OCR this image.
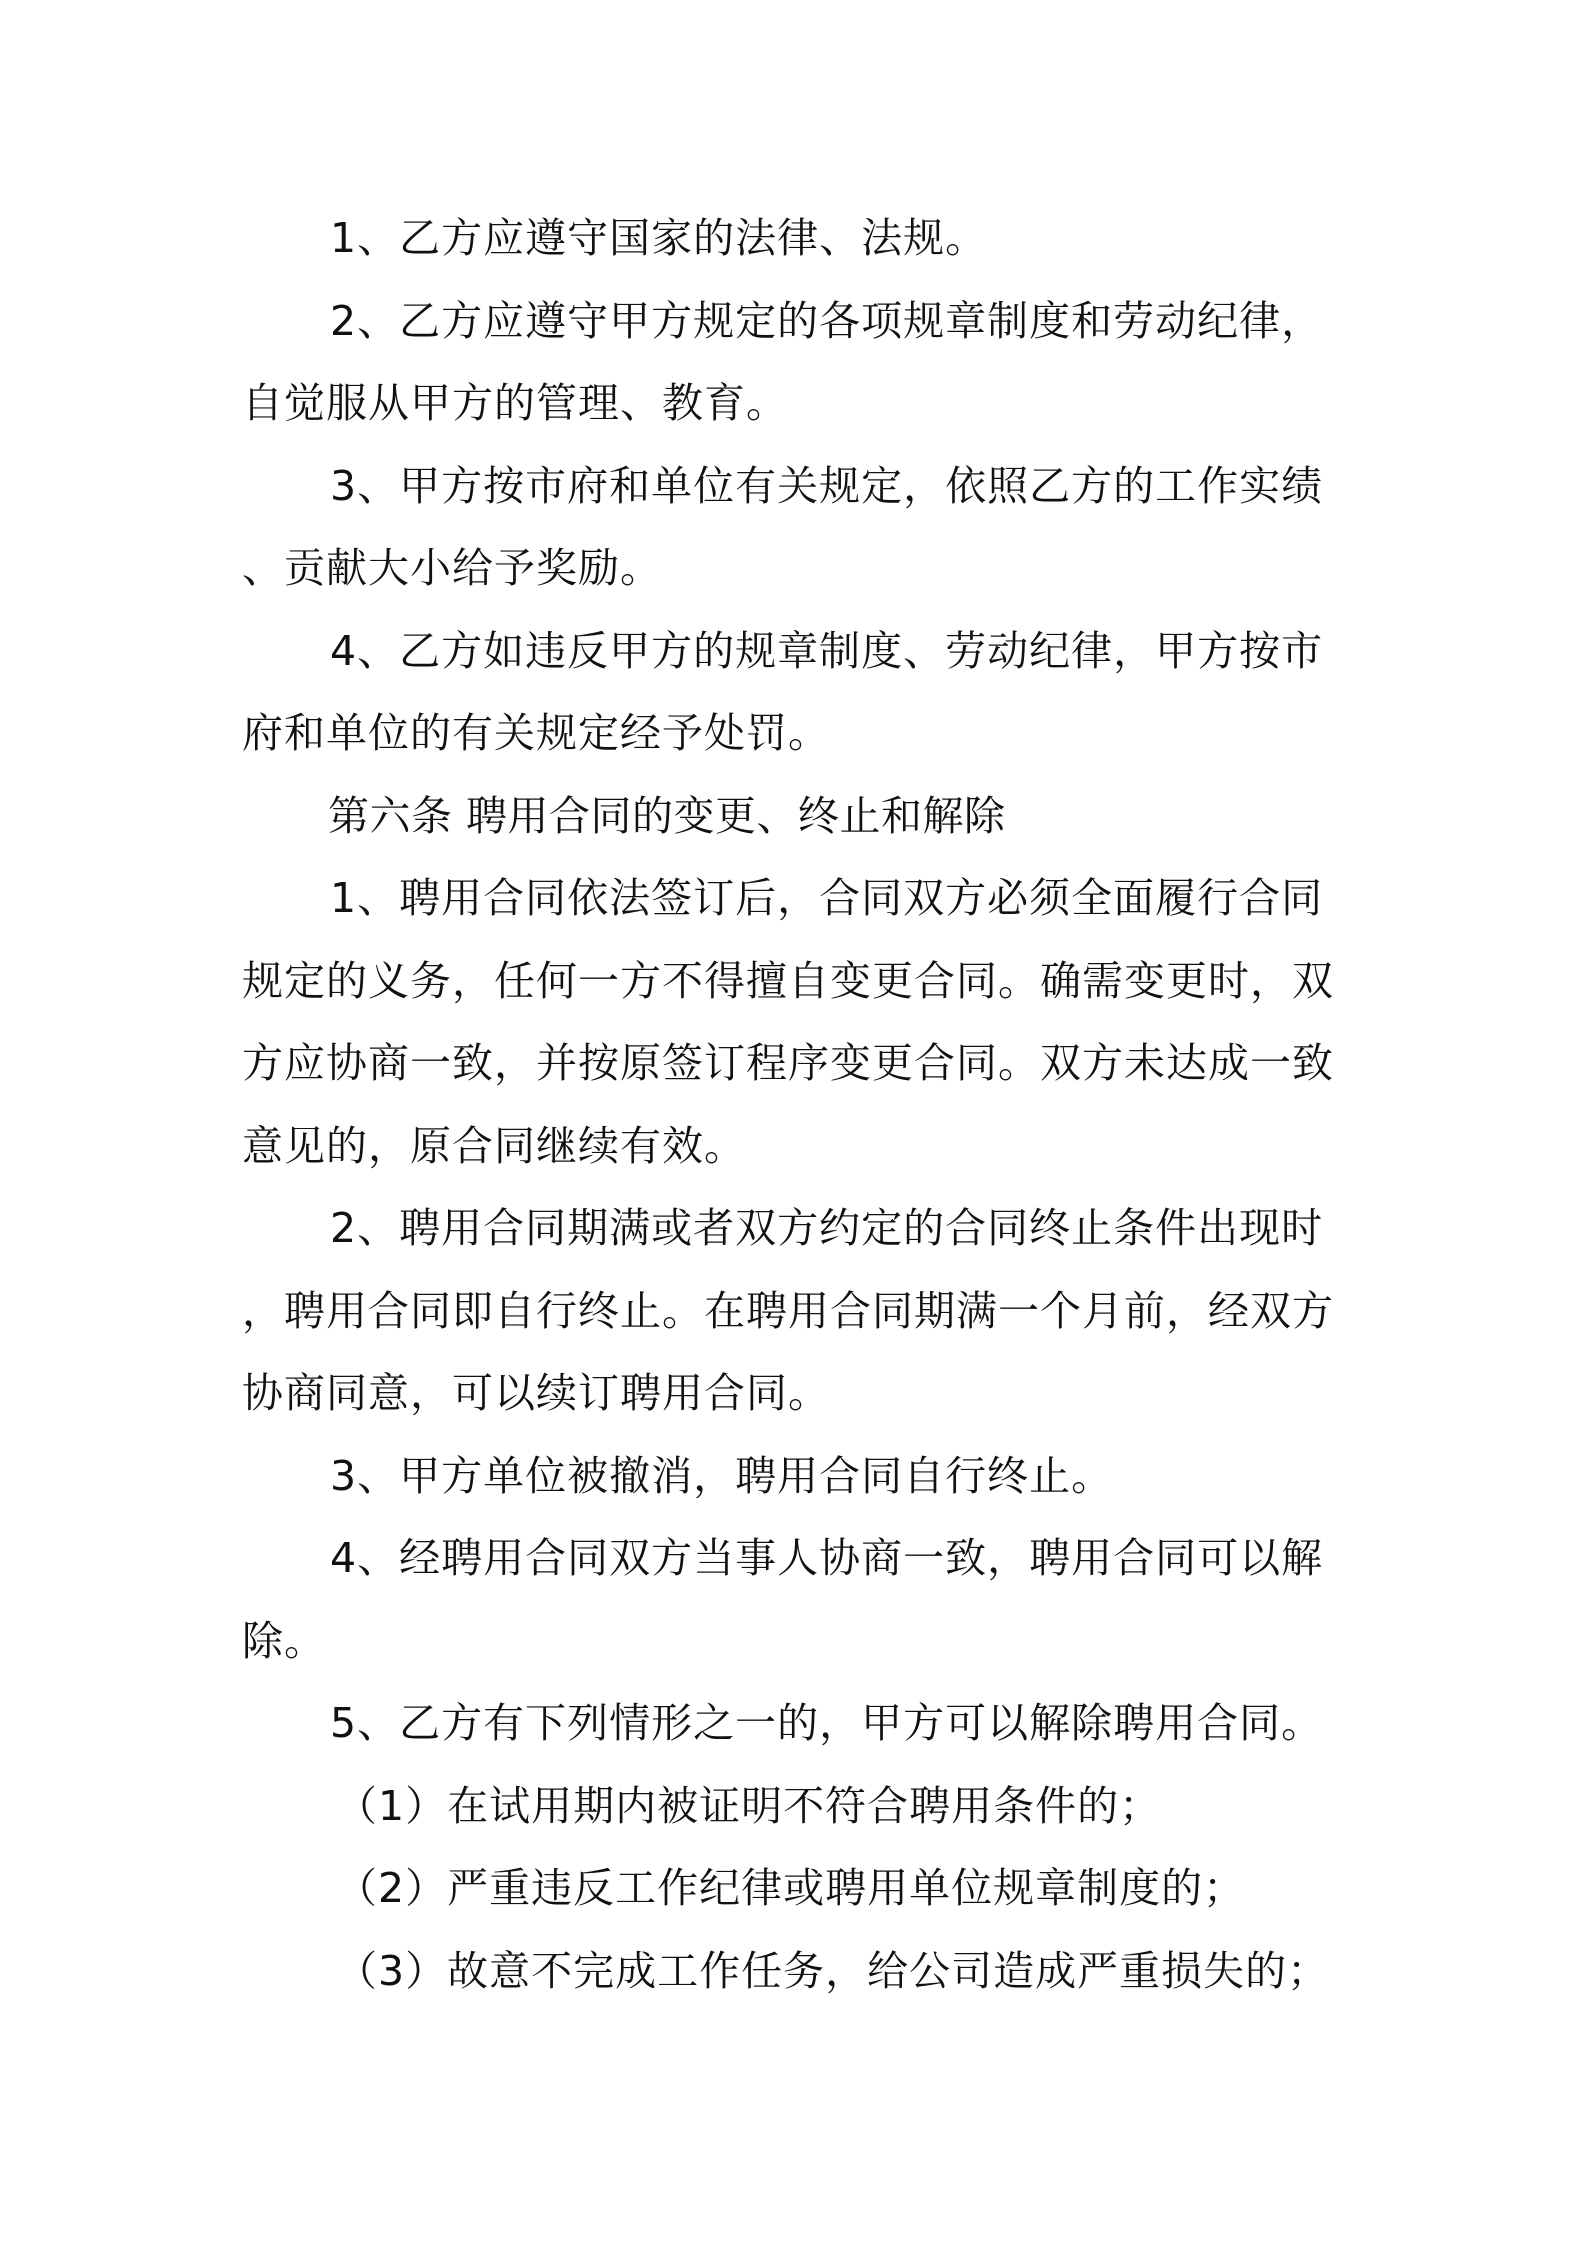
1、乙方应遵守国家的法律、法规。
2、乙方应遵守甲方规定的各项规章制度和劳动纪律，
自觉服从甲方的管理、教育。
3、甲方按市府和单位有关规定，依照乙方的工作实绩
、贡献大小给予奖励。
4、乙方如违反甲方的规章制度、劳动纪律，甲方按市
府和单位的有关规定经予处罚。
第六条 聘用合同的变更、终止和解除
1、聘用合同依法签订后，合同双方必须全面履行合同
规定的义务，任何一方不得擅自变更合同。确需变更时，双
方应协商一致，并按原签订程序变更合同。双方未达成一致
意见的，原合同继续有效。
2、聘用合同期满或者双方约定的合同终止条件出现时
，聘用合同即自行终止。在聘用合同期满一个月前，经双方
协商同意，可以续订聘用合同。
3、甲方单位被撤消，聘用合同自行终止。
4、经聘用合同双方当事人协商一致，聘用合同可以解
除。
5、乙方有下列情形之一的，甲方可以解除聘用合同。
（1）在试用期内被证明不符合聘用条件的；
（2）严重违反工作纪律或聘用单位规章制度的；
（3）故意不完成工作任务，给公司造成严重损失的；
